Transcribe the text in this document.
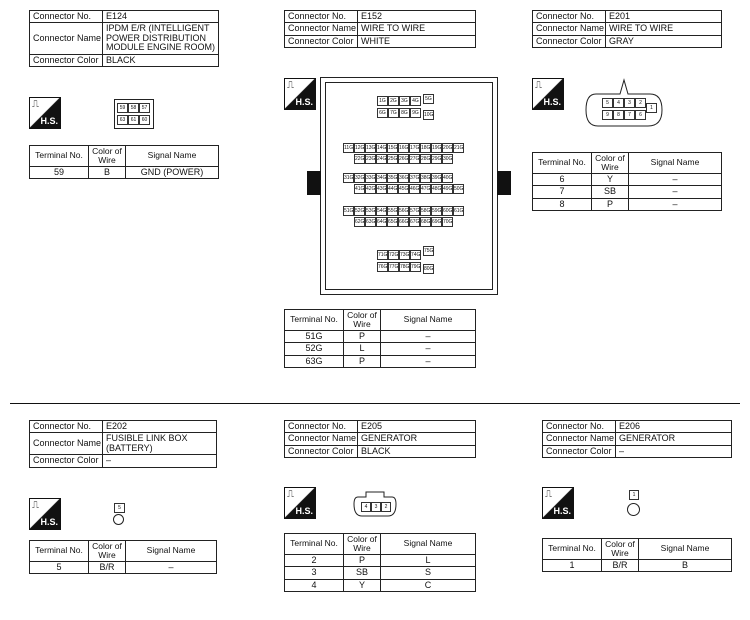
Connector No.	E124
Connector Name	IPDM E/R (INTELLIGENT POWER DISTRIBUTION MODULE ENGINE ROOM)
Connector Color	BLACK
⎍
H.S.
59	58	57
63	61	60
Terminal No.	Color of Wire	Signal Name
59	B	GND (POWER)
Connector No.	E152
Connector Name	WIRE TO WIRE
Connector Color	WHITE
⎍
H.S.	1G 2G 3G 4G	5G
6G 7G 8G 9G	10G
11G 12G 13G 14G 15G 16G 17G 18G 19G 20G 21G
22G 23G 24G 25G 26G 27G 28G 29G 30G
31G 32G 33G 34G 35G 36G 37G 38G 39G 40G
41G 42G 43G 44G 45G 46G 47G 48G 49G 50G
51G 52G 53G 54G 55G 56G 57G 58G 59G 60G 61G
62G 63G 64G 65G 66G 67G 68G 69G 70G
71G 72G 73G 74G
75G
76G 77G 78G 79G 80G
Terminal No.	Color of Wire	Signal Name
51G	P	–
52G	L	–
63G	P	–
Connector No.	E201
Connector Name	WIRE TO WIRE
Connector Color	GRAY
⎍
H.S.	5	4	3	2
1
9	8	7	6
Terminal No.	Color of Wire	Signal Name
6	Y	–
7	SB	–
8	P	–
Connector No.	E202
Connector Name	FUSIBLE LINK BOX (BATTERY)
Connector Color	–
⎍
H.S.
5
Terminal No.	Color of Wire	Signal Name
5	B/R	–
Connector No.	E205
Connector Name	GENERATOR
Connector Color	BLACK
⎍
H.S.	4	3	2
Terminal No.	Color of Wire	Signal Name
2	P	L
3	SB	S
4	Y	C
Connector No.	E206
Connector Name	GENERATOR
Connector Color	–
⎍
H.S.
1
Terminal No.	Color of Wire	Signal Name
1	B/R	B
